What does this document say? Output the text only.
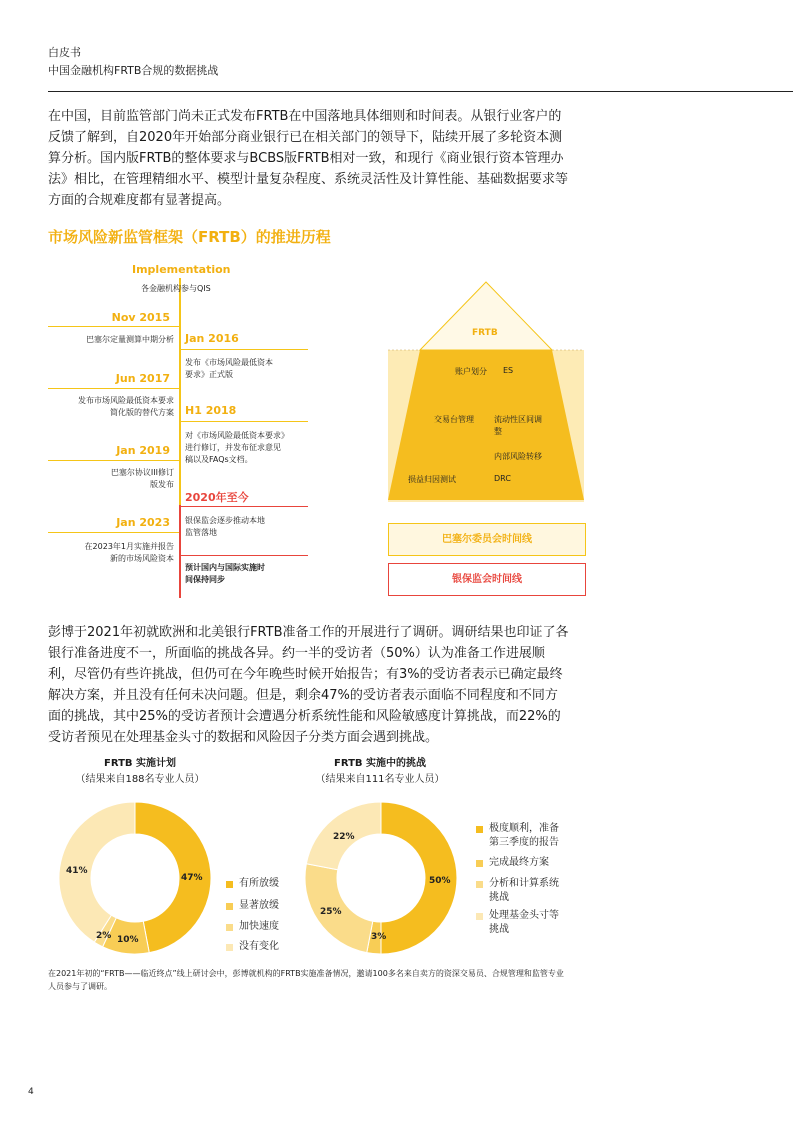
白皮书
中国金融机构FRTB合规的数据挑战
在中国，目前监管部门尚未正式发布FRTB在中国落地具体细则和时间表。从银行业客户的反馈了解到，自2020年开始部分商业银行已在相关部门的领导下，陆续开展了多轮资本测算分析。国内版FRTB的整体要求与BCBS版FRTB相对一致，和现行《商业银行资本管理办法》相比，在管理精细水平、模型计量复杂程度、系统灵活性及计算性能、基础数据要求等方面的合规难度都有显著提高。
市场风险新监管框架（FRTB）的推进历程
Implementation
各金融机构参与QIS
Nov 2015
巴塞尔定量测算中期分析 Jan 2016
发布《市场风险最低资本要求》正式版
Jun 2017
发布市场风险最低资本要求简化版的替代方案 H1 2018
对《市场风险最低资本要求》进行修订，并发布征求意见稿以及FAQs文档。
Jan 2019
巴塞尔协议III修订版发布
2020年至今
Jan 2023 银保监会逐步推动本地监管落地
在2023年1月实施并报告新的市场风险资本
预计国内与国际实施时间保持同步
FRTB
账户划分 ES
交易台管理	流动性区间调整
内部风险转移
损益归因测试	DRC
巴塞尔委员会时间线
银保监会时间线
彭博于2021年初就欧洲和北美银行FRTB准备工作的开展进行了调研。调研结果也印证了各银行准备进度不一，所面临的挑战各异。约一半的受访者（50%）认为准备工作进展顺利，尽管仍有些许挑战，但仍可在今年晚些时候开始报告；有3%的受访者表示已确定最终解决方案，并且没有任何未决问题。但是，剩余47%的受访者表示面临不同程度和不同方面的挑战，其中25%的受访者预计会遭遇分析系统性能和风险敏感度计算挑战，而22%的受访者预见在处理基金头寸的数据和风险因子分类方面会遇到挑战。
FRTB 实施计划
（结果来自188名专业人员）
47%
10%
2%
41%
有所放缓
显著放缓
加快速度
没有变化
FRTB 实施中的挑战
（结果来自111名专业人员）
50%
3%
25%
22%
极度顺利，准备
第三季度的报告
完成最终方案
分析和计算系统
挑战
处理基金头寸等
挑战
在2021年初的“FRTB——临近终点”线上研讨会中，彭博就机构的FRTB实施准备情况，邀请100多名来自卖方的资深交易员、合规管理和监管专业人员参与了调研。
4
